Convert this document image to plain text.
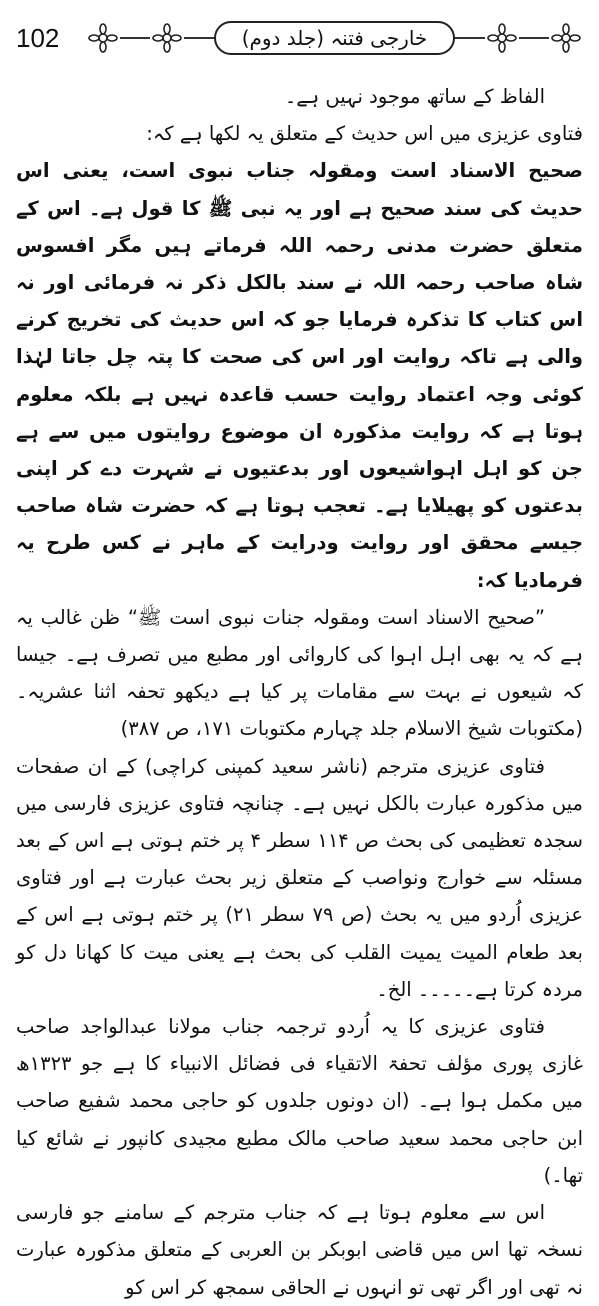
102	خارجی فتنہ (جلد دوم)

الفاظ کے ساتھ موجود نہیں ہے۔

فتاوی عزیزی میں اس حدیث کے متعلق یہ لکھا ہے کہ:

صحیح الاسناد است ومقولہ جناب نبوی است، یعنی اس حدیث کی سند صحیح ہے اور یہ نبی ﷺ کا قول ہے۔ اس کے متعلق حضرت مدنی رحمہ اللہ فرماتے ہیں مگر افسوس شاہ صاحب رحمہ اللہ نے سند بالکل ذکر نہ فرمائی اور نہ اس کتاب کا تذکرہ فرمایا جو کہ اس حدیث کی تخریج کرنے والی ہے تاکہ روایت اور اس کی صحت کا پتہ چل جاتا لہٰذا کوئی وجہ اعتماد روایت حسب قاعدہ نہیں ہے بلکہ معلوم ہوتا ہے کہ روایت مذکورہ ان موضوع روایتوں میں سے ہے جن کو اہل اہواشیعوں اور بدعتیوں نے شہرت دے کر اپنی بدعتوں کو پھیلایا ہے۔ تعجب ہوتا ہے کہ حضرت شاہ صاحب جیسے محقق اور روایت ودرایت کے ماہر نے کس طرح یہ فرمادیا کہ:

”صحیح الاسناد است ومقولہ جنات نبوی است ﷺ“ ظن غالب یہ ہے کہ یہ بھی اہل اہوا کی کاروائی اور مطبع میں تصرف ہے۔ جیسا کہ شیعوں نے بہت سے مقامات پر کیا ہے دیکھو تحفہ اثنا عشریہ۔ (مکتوبات شیخ الاسلام جلد چہارم مکتوبات ۱۷۱، ص ۳۸۷)

فتاوی عزیزی مترجم (ناشر سعید کمپنی کراچی) کے ان صفحات میں مذکورہ عبارت بالکل نہیں ہے۔ چنانچہ فتاوی عزیزی فارسی میں سجدہ تعظیمی کی بحث ص ۱۱۴ سطر ۴ پر ختم ہوتی ہے اس کے بعد مسئلہ سے خوارج ونواصب کے متعلق زیر بحث عبارت ہے اور فتاوی عزیزی اُردو میں یہ بحث (ص ۷۹ سطر ۲۱) پر ختم ہوتی ہے اس کے بعد طعام المیت یمیت القلب کی بحث ہے یعنی میت کا کھانا دل کو مردہ کرتا ہے۔۔۔۔۔ الخ۔

فتاوی عزیزی کا یہ اُردو ترجمہ جناب مولانا عبدالواجد صاحب غازی پوری مؤلف تحفۃ الاتقیاء فی فضائل الانبیاء کا ہے جو ۱۳۲۳ھ میں مکمل ہوا ہے۔ (ان دونوں جلدوں کو حاجی محمد شفیع صاحب ابن حاجی محمد سعید صاحب مالک مطبع مجیدی کانپور نے شائع کیا تھا۔)

اس سے معلوم ہوتا ہے کہ جناب مترجم کے سامنے جو فارسی نسخہ تھا اس میں قاضی ابوبکر بن العربی کے متعلق مذکورہ عبارت نہ تھی اور اگر تھی تو انہوں نے الحاقی سمجھ کر اس کو
